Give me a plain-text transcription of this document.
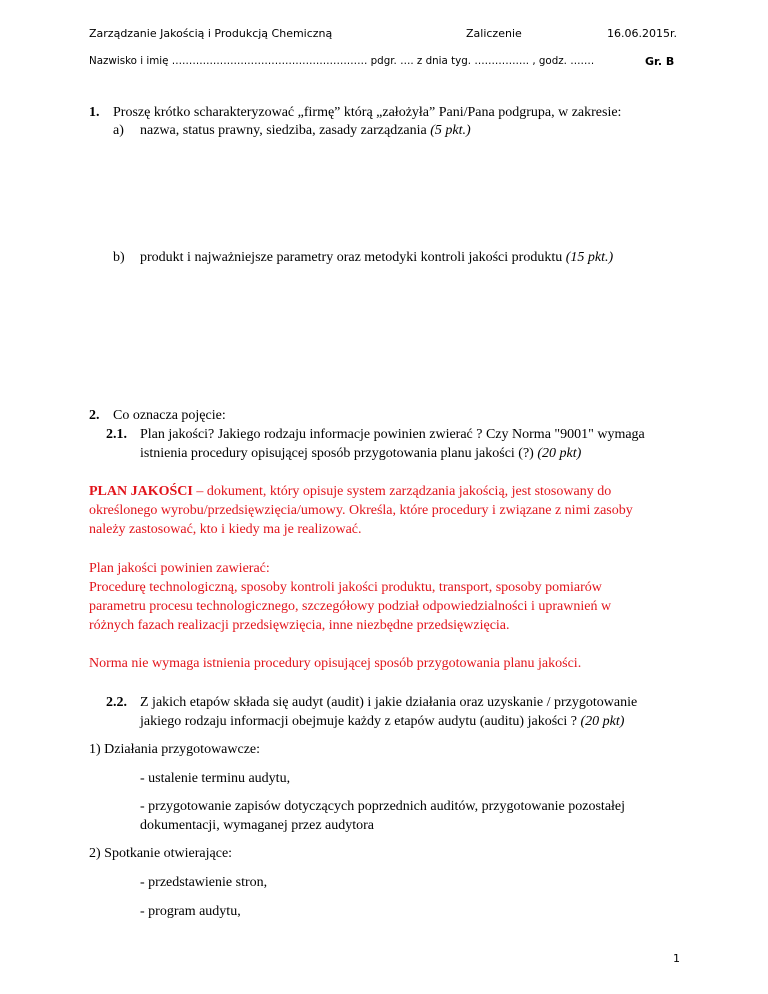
Zarządzanie Jakością i Produkcją Chemiczną	Zaliczenie	16.06.2015r.
Nazwisko i imię ………………………………………………… pdgr. …. z dnia tyg. ……………. , godz. …….	Gr. B
1. Proszę krótko scharakteryzować „firmę” którą „założyła” Pani/Pana podgrupa, w zakresie:
a) nazwa, status prawny, siedziba, zasady zarządzania (5 pkt.)
b) produkt i najważniejsze parametry oraz metodyki kontroli jakości produktu (15 pkt.)
2. Co oznacza pojęcie:
2.1. Plan jakości? Jakiego rodzaju informacje powinien zwierać ? Czy Norma "9001" wymaga
istnienia procedury opisującej sposób przygotowania planu jakości (?) (20 pkt)
PLAN JAKOŚCI – dokument, który opisuje system zarządzania jakością, jest stosowany do
określonego wyrobu/przedsięwzięcia/umowy. Określa, które procedury i związane z nimi zasoby
należy zastosować, kto i kiedy ma je realizować.
Plan jakości powinien zawierać:
Procedurę technologiczną, sposoby kontroli jakości produktu, transport, sposoby pomiarów
parametru procesu technologicznego, szczegółowy podział odpowiedzialności i uprawnień w
różnych fazach realizacji przedsięwzięcia, inne niezbędne przedsięwzięcia.
Norma nie wymaga istnienia procedury opisującej sposób przygotowania planu jakości.
2.2. Z jakich etapów składa się audyt (audit) i jakie działania oraz uzyskanie / przygotowanie
jakiego rodzaju informacji obejmuje każdy z etapów audytu (auditu) jakości ? (20 pkt)
1) Działania przygotowawcze:
- ustalenie terminu audytu,
- przygotowanie zapisów dotyczących poprzednich auditów, przygotowanie pozostałej
dokumentacji, wymaganej przez audytora
2) Spotkanie otwierające:
- przedstawienie stron,
- program audytu,
1
